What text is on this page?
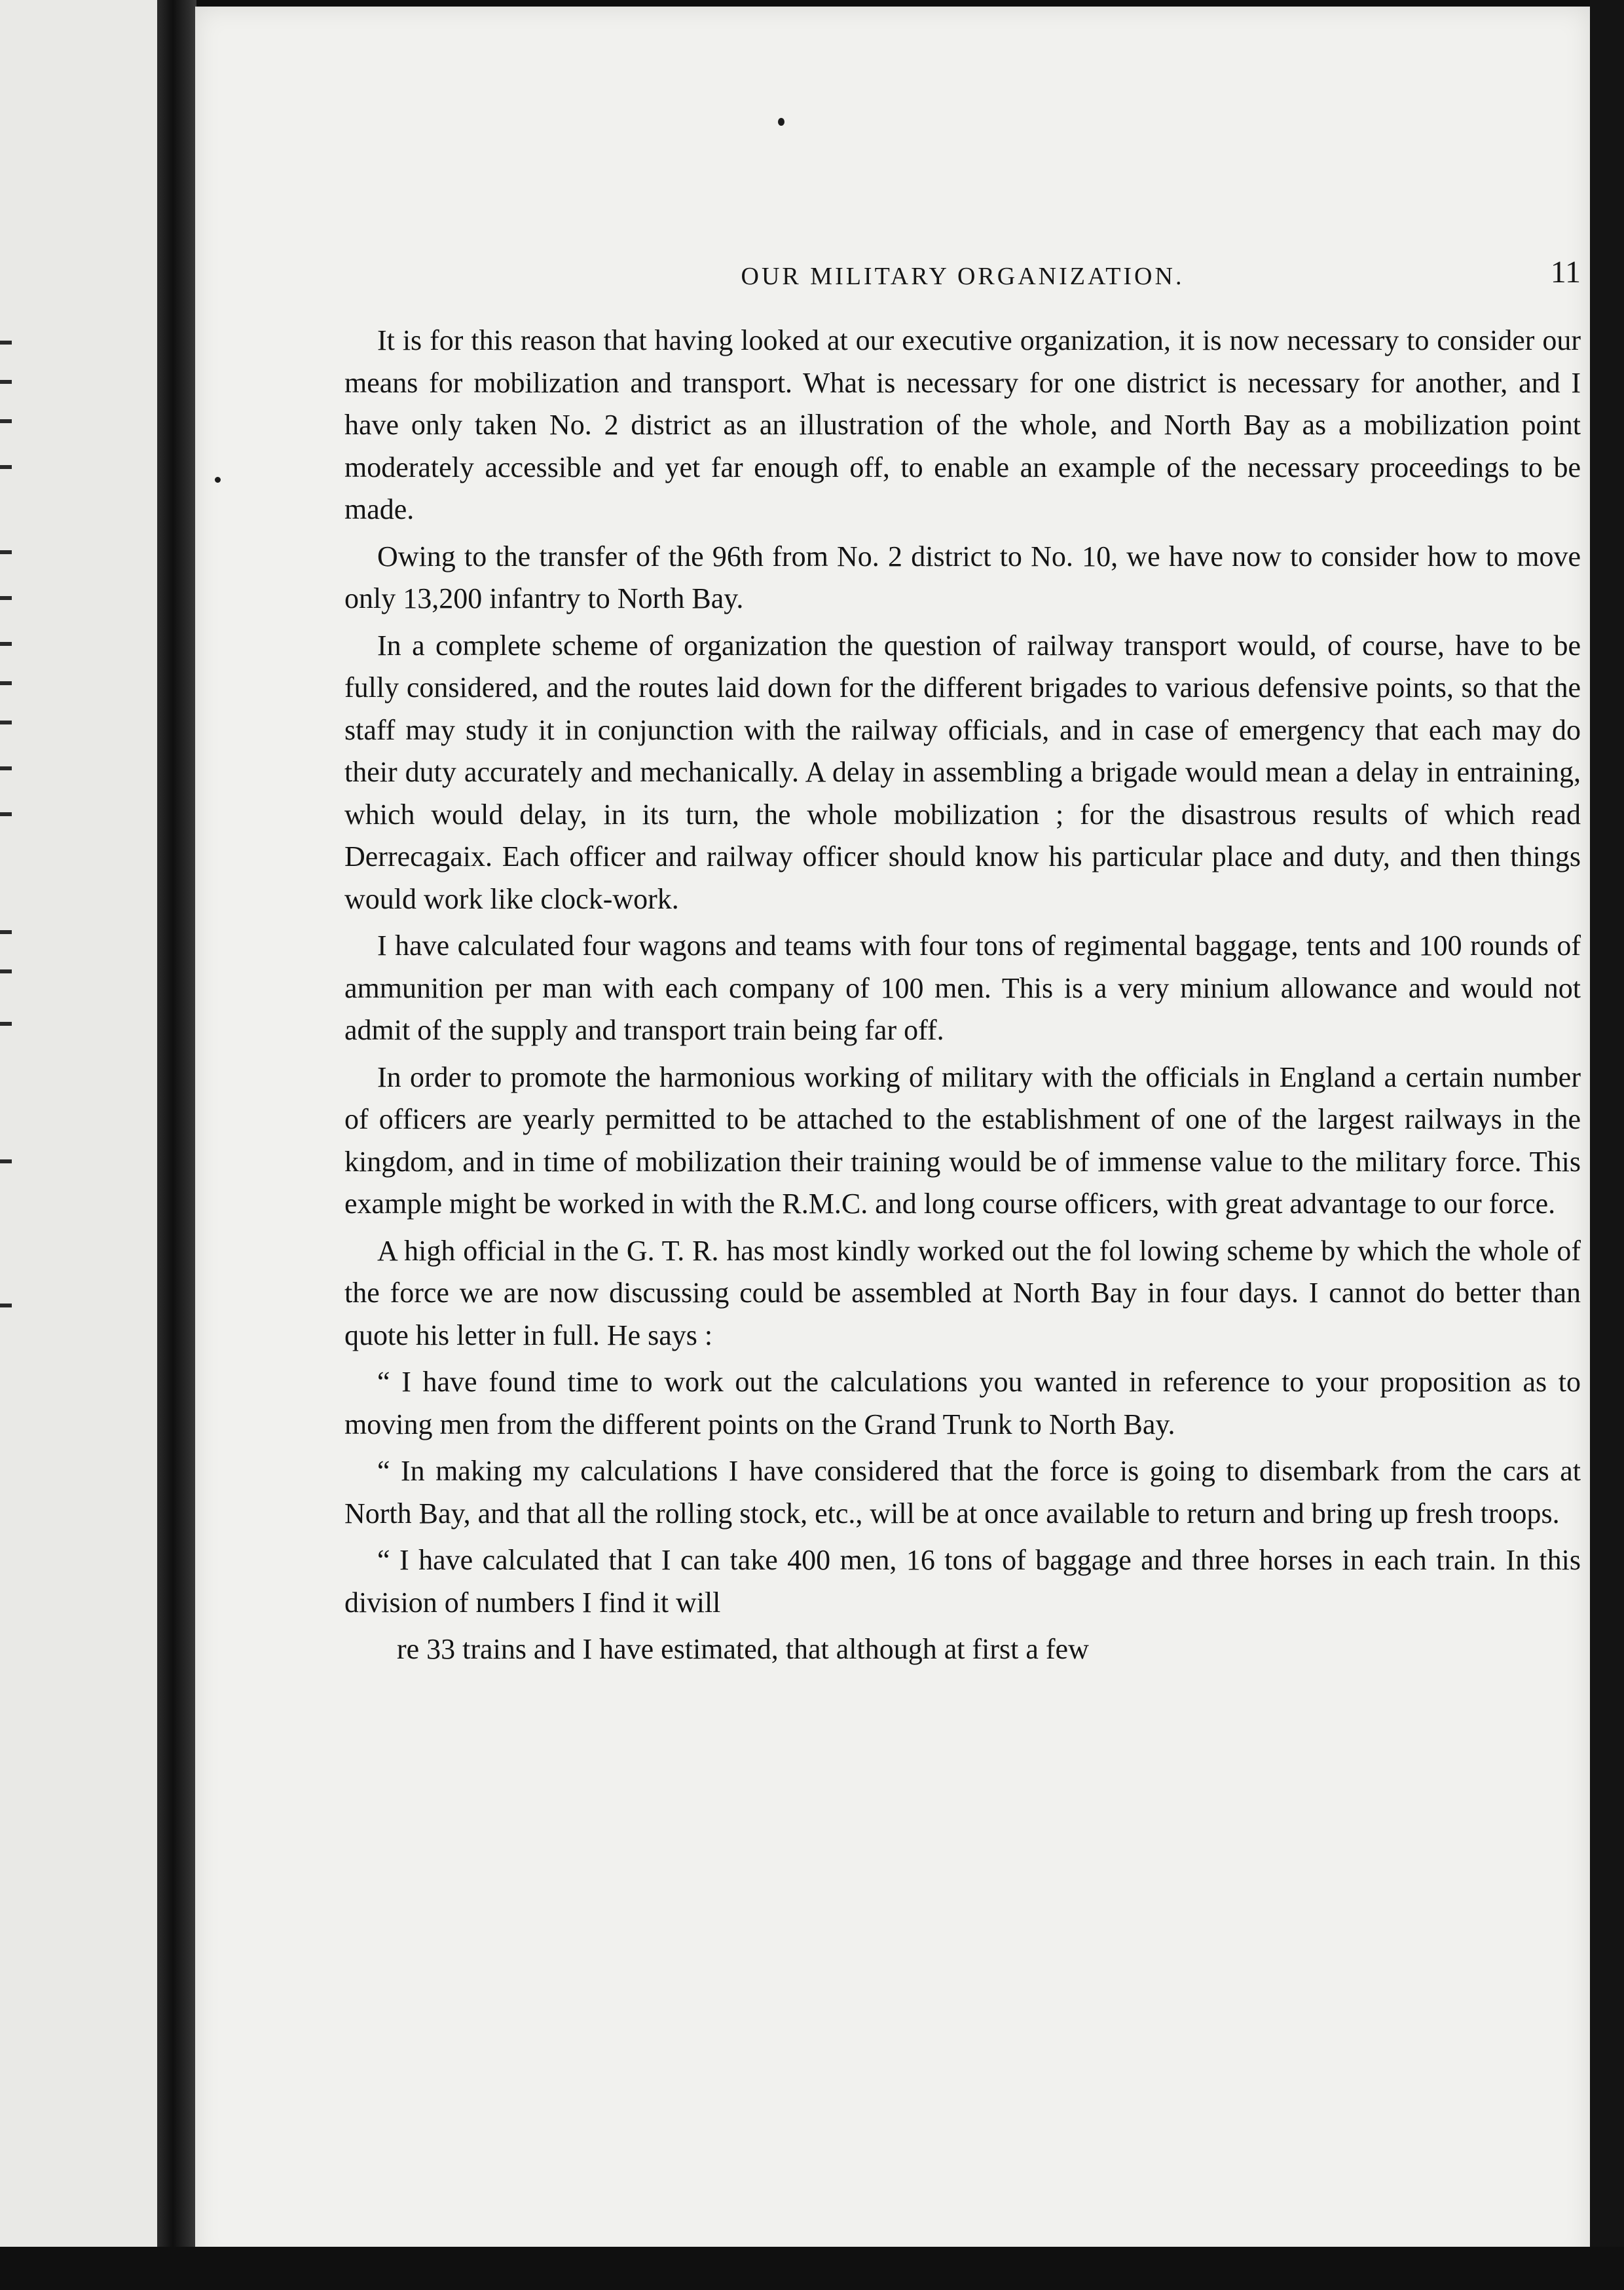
OUR MILITARY ORGANIZATION.	11

It is for this reason that having looked at our executive organization, it is now necessary to consider our means for mobilization and transport. What is necessary for one district is necessary for another, and I have only taken No. 2 district as an illustration of the whole, and North Bay as a mobilization point moderately accessible and yet far enough off, to enable an example of the necessary proceedings to be made.

Owing to the transfer of the 96th from No. 2 district to No. 10, we have now to consider how to move only 13,200 infantry to North Bay.

In a complete scheme of organization the question of railway transport would, of course, have to be fully considered, and the routes laid down for the different brigades to various defensive points, so that the staff may study it in conjunction with the railway officials, and in case of emergency that each may do their duty accurately and mechanically. A delay in assembling a brigade would mean a delay in entraining, which would delay, in its turn, the whole mobilization ; for the disastrous results of which read Derrecagaix. Each officer and railway officer should know his particular place and duty, and then things would work like clock-work.

I have calculated four wagons and teams with four tons of regimental baggage, tents and 100 rounds of ammunition per man with each company of 100 men. This is a very minium allowance and would not admit of the supply and transport train being far off.

In order to promote the harmonious working of military with the officials in England a certain number of officers are yearly permitted to be attached to the establishment of one of the largest railways in the kingdom, and in time of mobilization their training would be of immense value to the military force. This example might be worked in with the R.M.C. and long course officers, with great advantage to our force.

A high official in the G. T. R. has most kindly worked out the fol lowing scheme by which the whole of the force we are now discussing could be assembled at North Bay in four days. I cannot do better than quote his letter in full. He says :

“ I have found time to work out the calculations you wanted in reference to your proposition as to moving men from the different points on the Grand Trunk to North Bay.

“ In making my calculations I have considered that the force is going to disembark from the cars at North Bay, and that all the rolling stock, etc., will be at once available to return and bring up fresh troops.

“ I have calculated that I can take 400 men, 16 tons of baggage and three horses in each train. In this division of numbers I find it will

re 33 trains and I have estimated, that although at first a few
